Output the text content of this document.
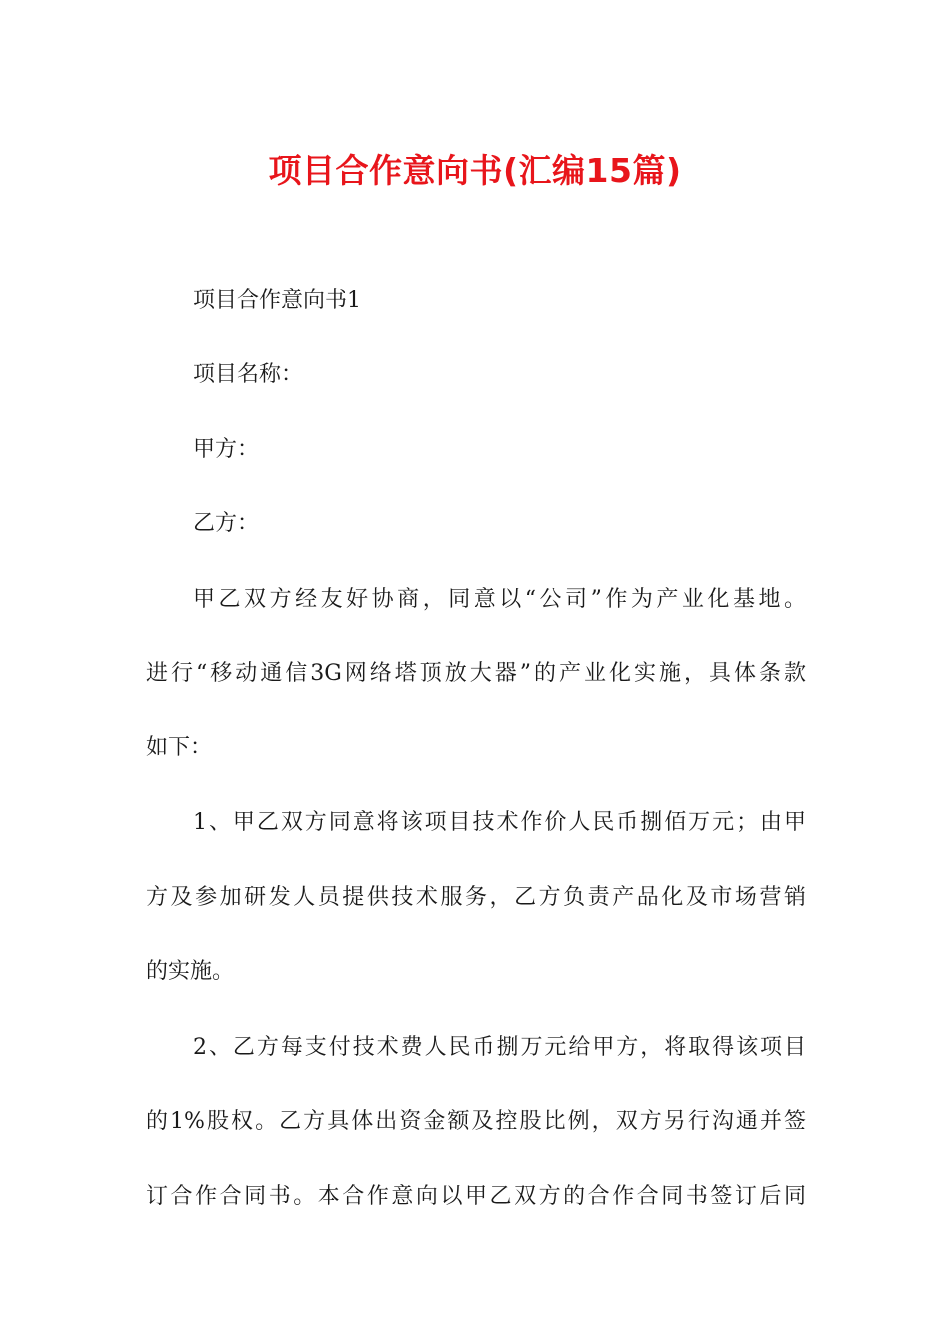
项目合作意向书(汇编15篇)

项目合作意向书1

项目名称：

甲方：

乙方：

甲乙双方经友好协商，同意以“公司”作为产业化基地。

进行“移动通信3G网络塔顶放大器”的产业化实施，具体条款

如下：

1、甲乙双方同意将该项目技术作价人民币捌佰万元；由甲

方及参加研发人员提供技术服务，乙方负责产品化及市场营销

的实施。

2、乙方每支付技术费人民币捌万元给甲方，将取得该项目

的1%股权。乙方具体出资金额及控股比例，双方另行沟通并签

订合作合同书。本合作意向以甲乙双方的合作合同书签订后同
